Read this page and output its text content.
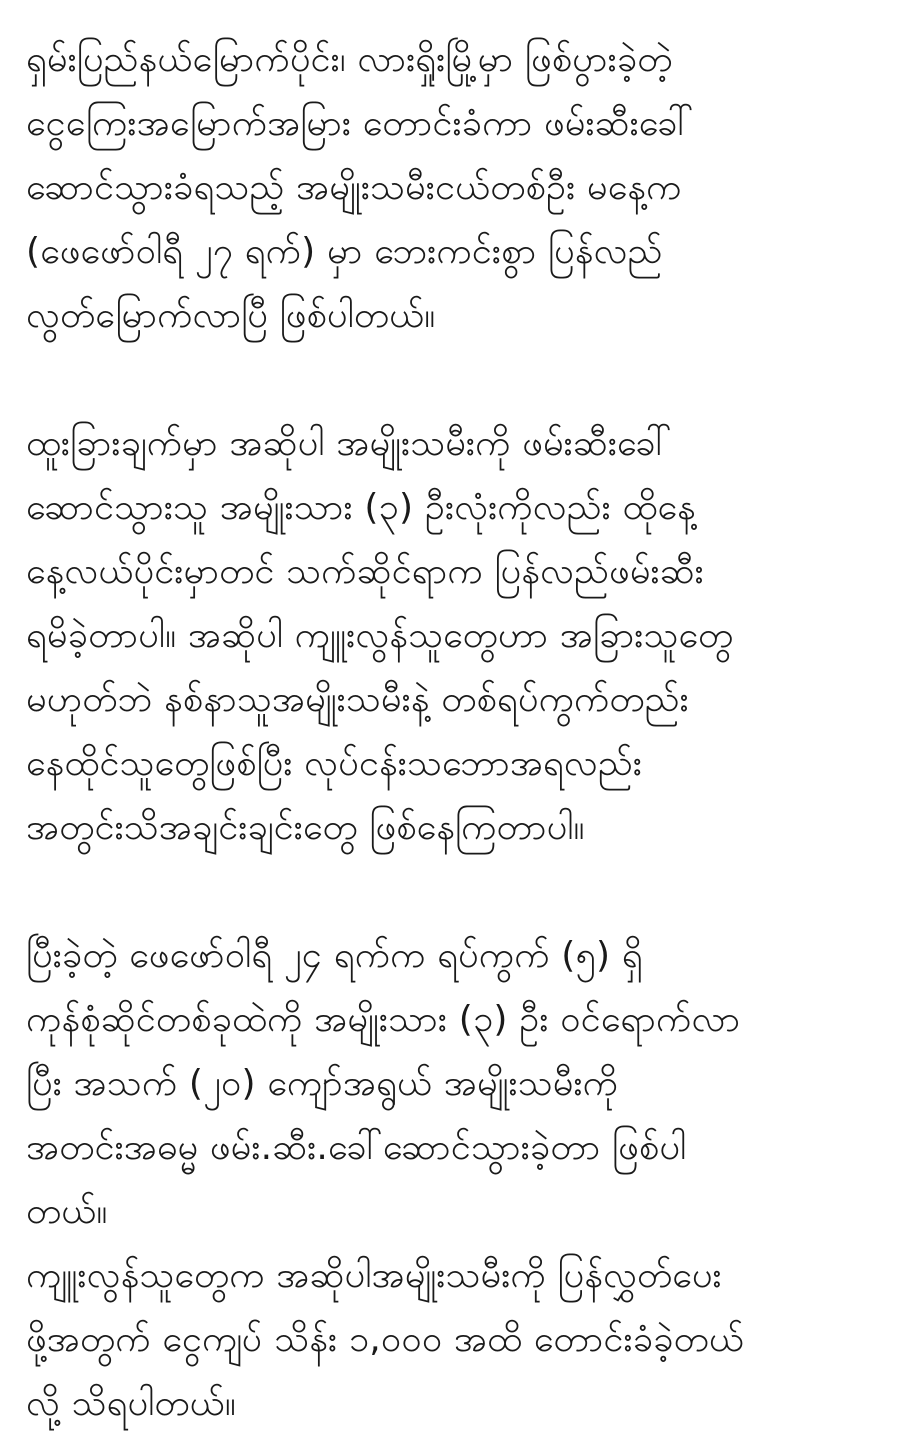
ရှမ်းပြည်နယ်မြောက်ပိုင်း၊ လားရှိုးမြို့မှာ ဖြစ်ပွားခဲ့တဲ့
ငွေကြေးအမြောက်အမြား တောင်းခံကာ ဖမ်းဆီးခေါ်
ဆောင်သွားခံရသည့် အမျိုးသမီးငယ်တစ်ဦး မနေ့က
(ဖေဖော်ဝါရီ ၂၇ ရက်) မှာ ဘေးကင်းစွာ ပြန်လည်
လွတ်မြောက်လာပြီ ဖြစ်ပါတယ်။
ထူးခြားချက်မှာ အဆိုပါ အမျိုးသမီးကို ဖမ်းဆီးခေါ်
ဆောင်သွားသူ အမျိုးသား (၃) ဦးလုံးကိုလည်း ထိုနေ့
နေ့လယ်ပိုင်းမှာတင် သက်ဆိုင်ရာက ပြန်လည်ဖမ်းဆီး
ရမိခဲ့တာပါ။ အဆိုပါ ကျူးလွန်သူတွေဟာ အခြားသူတွေ
မဟုတ်ဘဲ နစ်နာသူအမျိုးသမီးနဲ့ တစ်ရပ်ကွက်တည်း
နေထိုင်သူတွေဖြစ်ပြီး လုပ်ငန်းသဘောအရလည်း
အတွင်းသိအချင်းချင်းတွေ ဖြစ်နေကြတာပါ။
ပြီးခဲ့တဲ့ ဖေဖော်ဝါရီ ၂၄ ရက်က ရပ်ကွက် (၅) ရှိ
ကုန်စုံဆိုင်တစ်ခုထဲကို အမျိုးသား (၃) ဦး ဝင်ရောက်လာ
ပြီး အသက် (၂၀) ကျော်အရွယ် အမျိုးသမီးကို
အတင်းအဓမ္မ ဖမ်း.ဆီး.ခေါ်ဆောင်သွားခဲ့တာ ဖြစ်ပါ
တယ်။
ကျူးလွန်သူတွေက အဆိုပါအမျိုးသမီးကို ပြန်လွှတ်ပေး
ဖို့အတွက် ငွေကျပ် သိန်း ၁,၀၀၀ အထိ တောင်းခံခဲ့တယ်
လို့ သိရပါတယ်။
